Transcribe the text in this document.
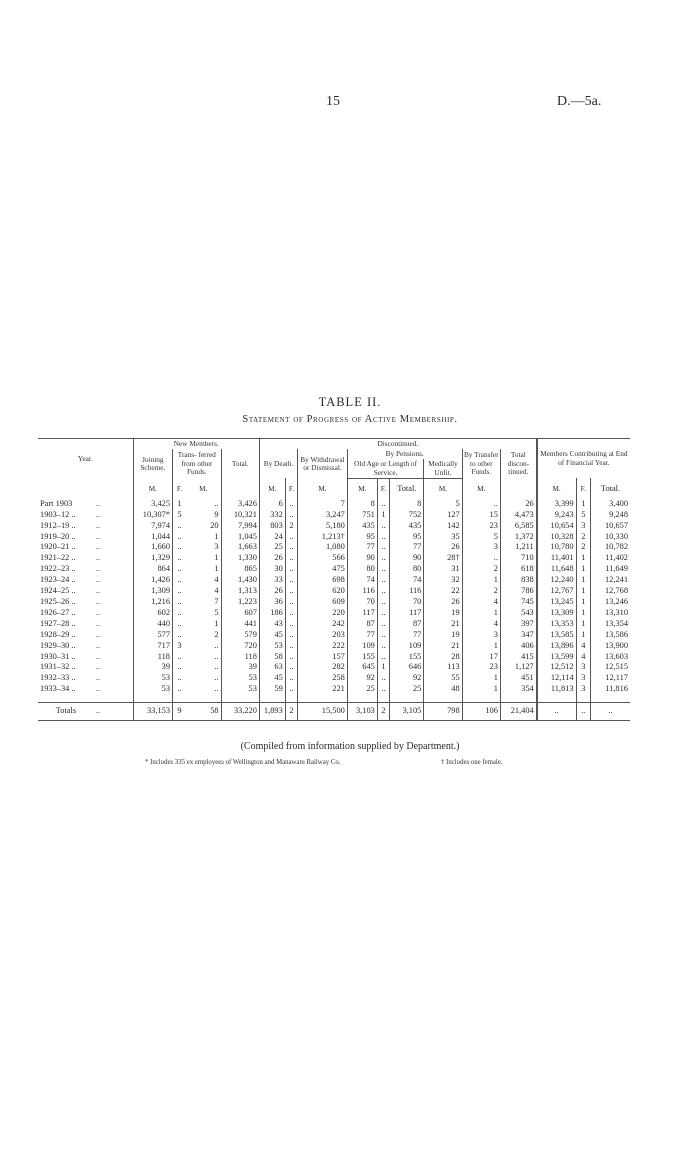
15	D.—5a.
TABLE II.
Statement of Progress of Active Membership.
Year.		New Members.				Discontinued.									Members Contributing at End of Financial Year.		
		Joining Scheme.	Trans- ferred from other Funds.		Total.	By Death.		By Withdrawal or Dismissal.	By Pensions.				By Transfer to other Funds.	Total discon- tinued.			
									Old Age or Length of Service.			Medically Unfit.					
		M.	F.	M.		M.	F.	M.	M.	F.	Total.	M.	M.		M.	F.	Total.
Part 1903	..	3,425	1	..	3,426	6	..	7	8	..	8	5	..	26	3,399	1	3,400
1903–12 ..	..	10,307*	5	9	10,321	332	..	3,247	751	1	752	127	15	4,473	9,243	5	9,248
1912–19 ..	..	7,974	..	20	7,994	803	2	5,180	435	..	435	142	23	6,585	10,654	3	10,657
1919–20 ..	..	1,044	..	1	1,045	24	..	1,213†	95	..	95	35	5	1,372	10,328	2	10,330
1920–21 ..	..	1,660	..	3	1,663	25	..	1,080	77	..	77	26	3	1,211	10,780	2	10,782
1921–22 ..	..	1,329	..	1	1,330	26	..	566	90	..	90	28†	..	710	11,401	1	11,402
1922–23 ..	..	864	..	1	865	30	..	475	80	..	80	31	2	618	11,648	1	11,649
1923–24 ..	..	1,426	..	4	1,430	33	..	698	74	..	74	32	1	838	12,240	1	12,241
1924–25 ..	..	1,309	..	4	1,313	26	..	620	116	..	116	22	2	786	12,767	1	12,768
1925–26 ..	..	1,216	..	7	1,223	36	..	609	70	..	70	26	4	745	13,245	1	13,246
1926–27 ..	..	602	..	5	607	186	..	220	117	..	117	19	1	543	13,309	1	13,310
1927–28 ..	..	440	..	1	441	43	..	242	87	..	87	21	4	397	13,353	1	13,354
1928–29 ..	..	577	..	2	579	45	..	203	77	..	77	19	3	347	13,585	1	13,586
1929–30 ..	..	717	3	..	720	53	..	222	109	..	109	21	1	406	13,896	4	13,900
1930–31 ..	..	118	..	..	118	58	..	157	155	..	155	28	17	415	13,599	4	13,603
1931–32 ..	..	39	..	..	39	63	..	282	645	1	646	113	23	1,127	12,512	3	12,515
1932–33 ..	..	53	..	..	53	45	..	258	92	..	92	55	1	451	12,114	3	12,117
1933–34 ..	..	53	..	..	53	59	..	221	25	..	25	48	1	354	11,813	3	11,816

Totals	..	33,153	9	58	33,220	1,893	2	15,500	3,103	2	3,105	798	106	21,404	..	..	..
(Compiled from information supplied by Department.)
* Includes 335 ex employees of Wellington and Manawatu Railway Co.	† Includes one female.
